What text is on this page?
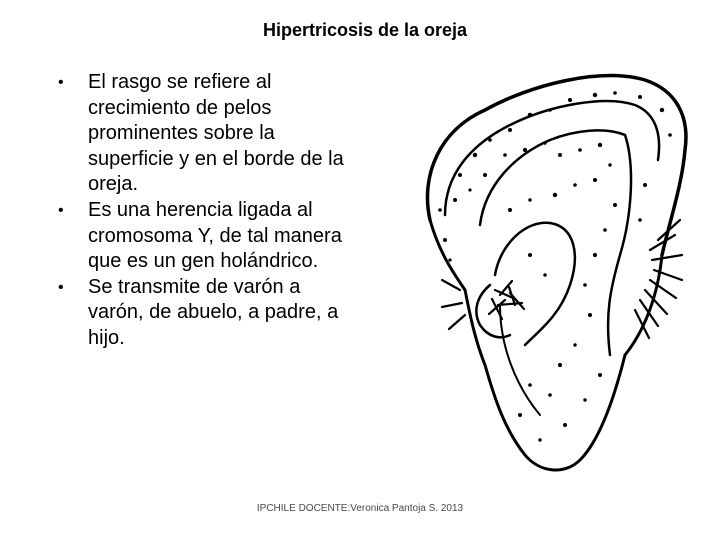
Hipertricosis de la oreja
• El rasgo se refiere al crecimiento de pelos prominentes sobre la superficie y en el borde de la oreja.
• Es una herencia ligada al cromosoma Y, de tal manera que es un gen holándrico.
• Se transmite de varón a varón, de abuelo, a padre, a hijo.
IPCHILE DOCENTE:Veronica Pantoja S. 2013
